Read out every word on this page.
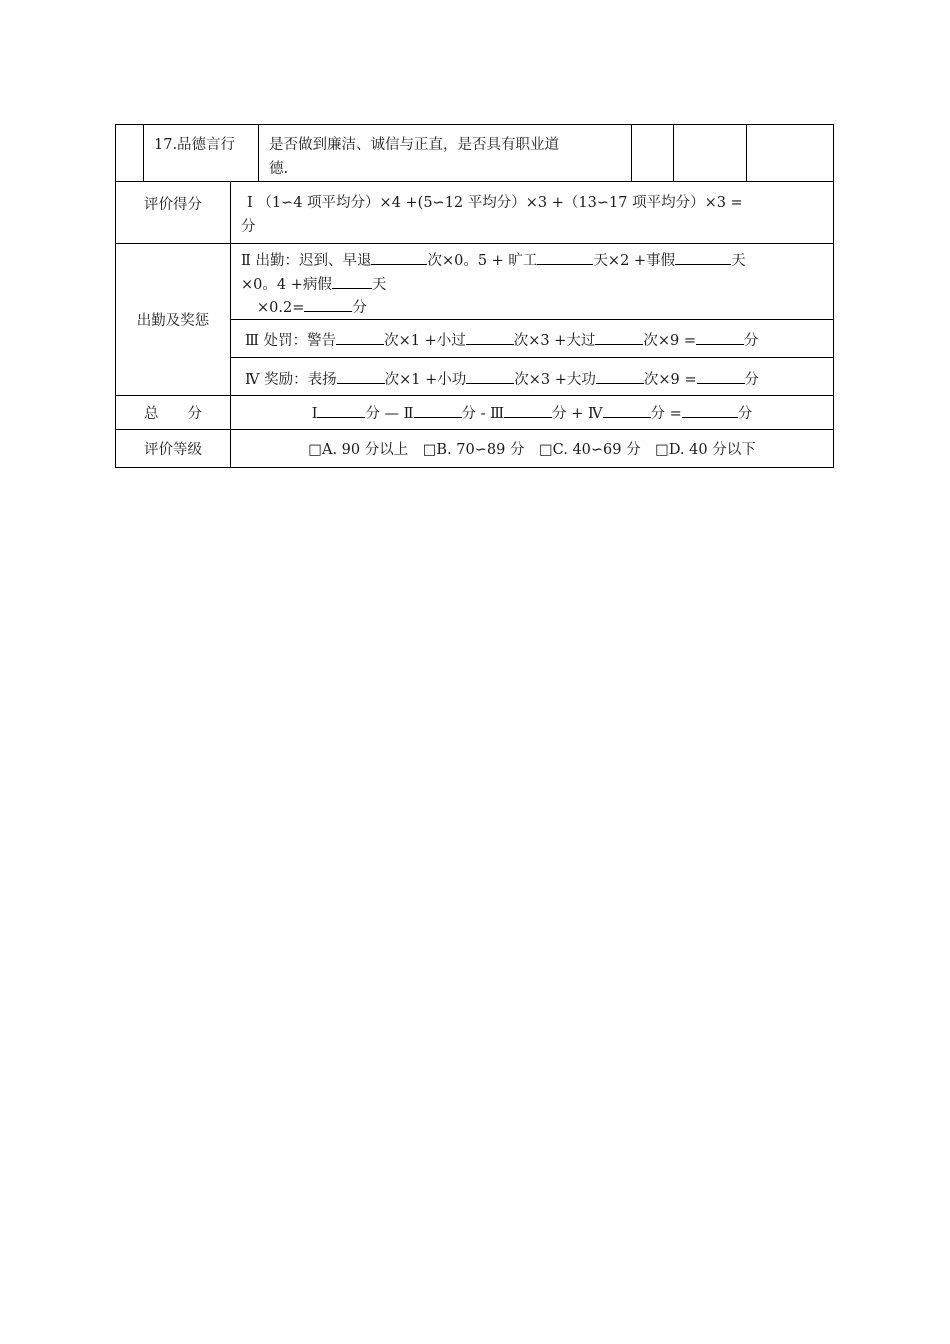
17.品德言行 是否做到廉洁、诚信与正直，是否具有职业道
德.
评价得分	Ⅰ （1∽4 项平均分）×4 +(5∽12 平均分）×3 +（13∽17 项平均分）×3 =
分
出勤及奖惩
Ⅱ 出勤：迟到、早退	次×0。5 + 旷工	天×2 +事假	天
×0。4 +病假	天
×0.2=	分
Ⅲ 处罚：警告	次×1 +小过	次×3 +大过	次×9 =	分
Ⅳ 奖励：表扬	次×1 +小功	次×3 +大功	次×9 =	分
总　　分	Ⅰ	分 — Ⅱ	分 - Ⅲ	分 + Ⅳ	分 =	分
评价等级	□A. 90 分以上　□B. 70∽89 分　□C. 40∽69 分　□D. 40 分以下
